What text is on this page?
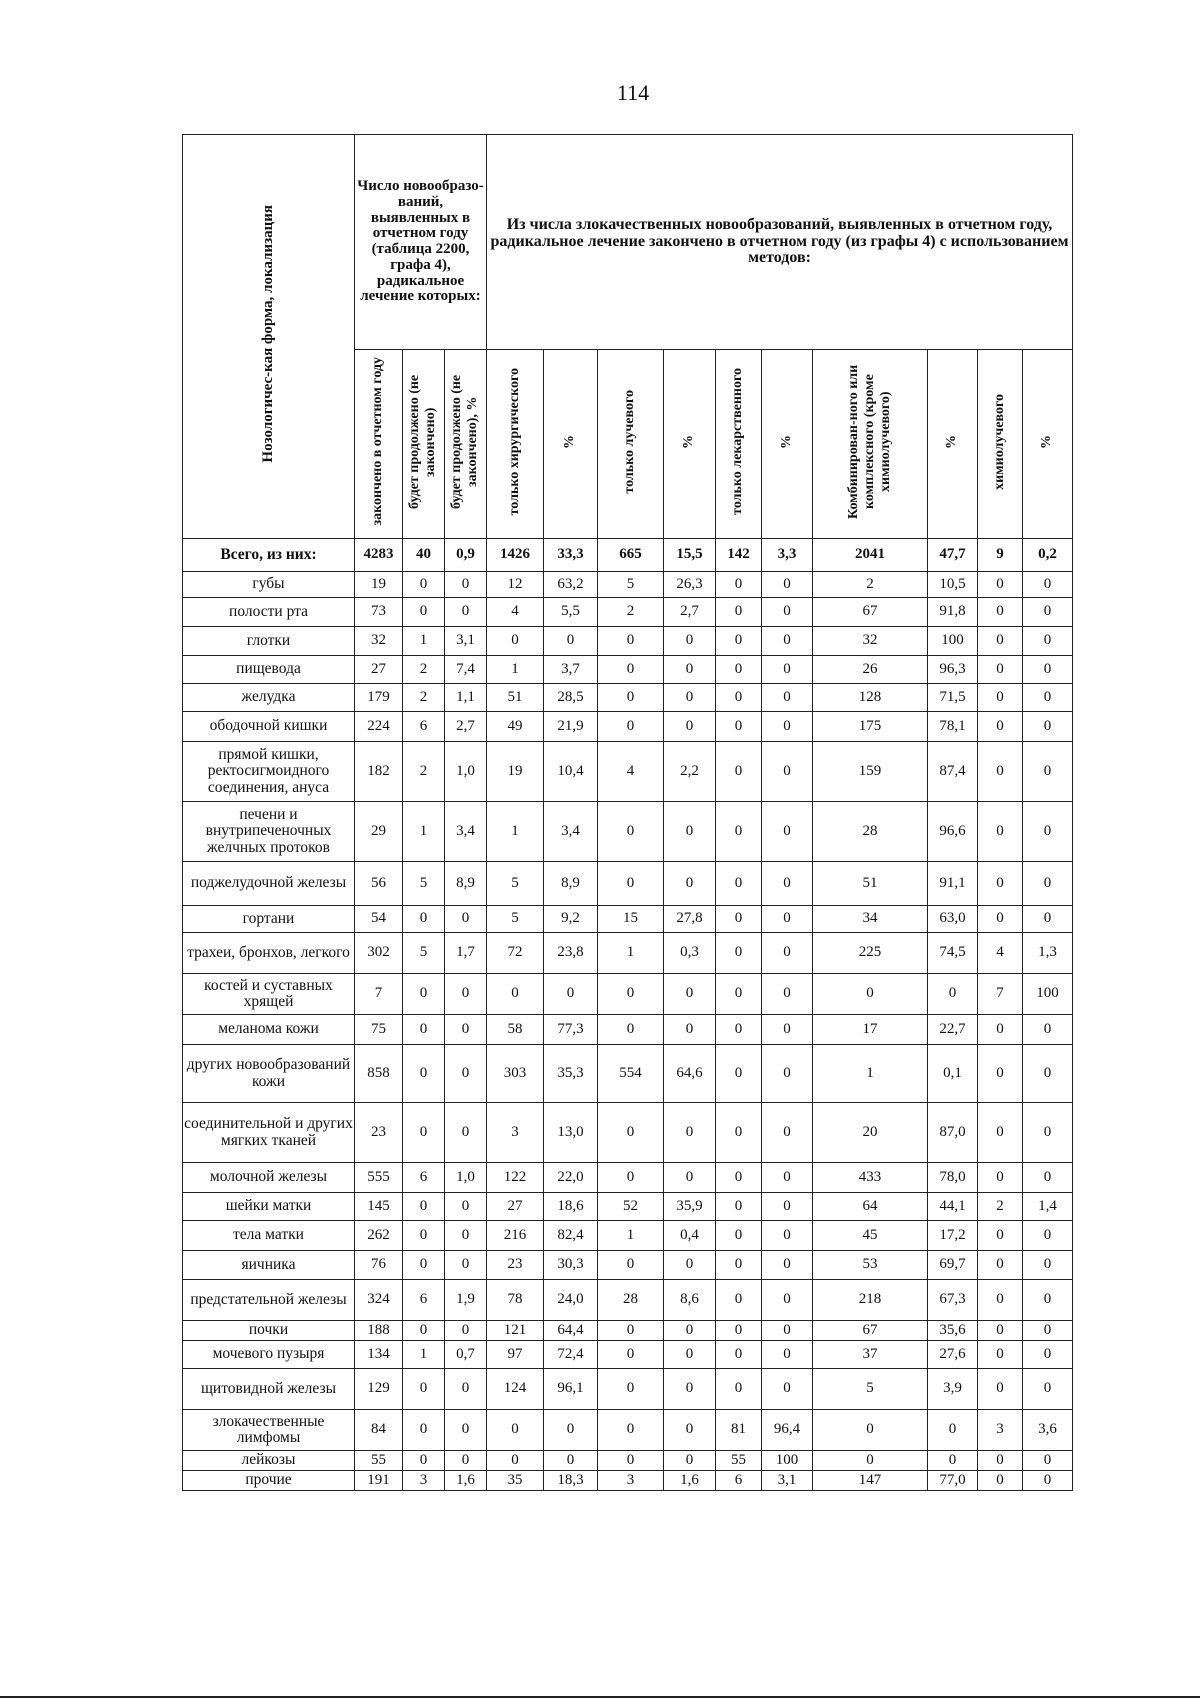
114
Нозологичес-кая форма, локализация	Число новообразо-ваний, выявленных в отчетном году (таблица 2200, графа 4), радикальное лечение которых:			Из числа злокачественных новообразований, выявленных в отчетном году, радикальное лечение закончено в отчетном году (из графы 4) с использованием методов:									
	закончено в отчетном году	будет продолжено (не закончено)	будет продолжено (не закончено), %	только хирургического	%	только лучевого	%	только лекарственного	%	Комбинирован-ного или комплексного (кроме химиолучевого)	%	химиолучевого	%
Всего, из них:	4283	40	0,9	1426	33,3	665	15,5	142	3,3	2041	47,7	9	0,2
губы	19	0	0	12	63,2	5	26,3	0	0	2	10,5	0	0
полости рта	73	0	0	4	5,5	2	2,7	0	0	67	91,8	0	0
глотки	32	1	3,1	0	0	0	0	0	0	32	100	0	0
пищевода	27	2	7,4	1	3,7	0	0	0	0	26	96,3	0	0
желудка	179	2	1,1	51	28,5	0	0	0	0	128	71,5	0	0
ободочной кишки	224	6	2,7	49	21,9	0	0	0	0	175	78,1	0	0
прямой кишки, ректосигмоидного соединения, ануса	182	2	1,0	19	10,4	4	2,2	0	0	159	87,4	0	0
печени и внутрипеченочных желчных протоков	29	1	3,4	1	3,4	0	0	0	0	28	96,6	0	0
поджелудочной железы	56	5	8,9	5	8,9	0	0	0	0	51	91,1	0	0
гортани	54	0	0	5	9,2	15	27,8	0	0	34	63,0	0	0
трахеи, бронхов, легкого	302	5	1,7	72	23,8	1	0,3	0	0	225	74,5	4	1,3
костей и суставных хрящей	7	0	0	0	0	0	0	0	0	0	0	7	100
меланома кожи	75	0	0	58	77,3	0	0	0	0	17	22,7	0	0
других новообразований кожи	858	0	0	303	35,3	554	64,6	0	0	1	0,1	0	0
соединительной и других мягких тканей	23	0	0	3	13,0	0	0	0	0	20	87,0	0	0
молочной железы	555	6	1,0	122	22,0	0	0	0	0	433	78,0	0	0
шейки матки	145	0	0	27	18,6	52	35,9	0	0	64	44,1	2	1,4
тела матки	262	0	0	216	82,4	1	0,4	0	0	45	17,2	0	0
яичника	76	0	0	23	30,3	0	0	0	0	53	69,7	0	0
предстательной железы	324	6	1,9	78	24,0	28	8,6	0	0	218	67,3	0	0
почки	188	0	0	121	64,4	0	0	0	0	67	35,6	0	0
мочевого пузыря	134	1	0,7	97	72,4	0	0	0	0	37	27,6	0	0
щитовидной железы	129	0	0	124	96,1	0	0	0	0	5	3,9	0	0
злокачественные лимфомы	84	0	0	0	0	0	0	81	96,4	0	0	3	3,6
лейкозы	55	0	0	0	0	0	0	55	100	0	0	0	0
прочие	191	3	1,6	35	18,3	3	1,6	6	3,1	147	77,0	0	0
